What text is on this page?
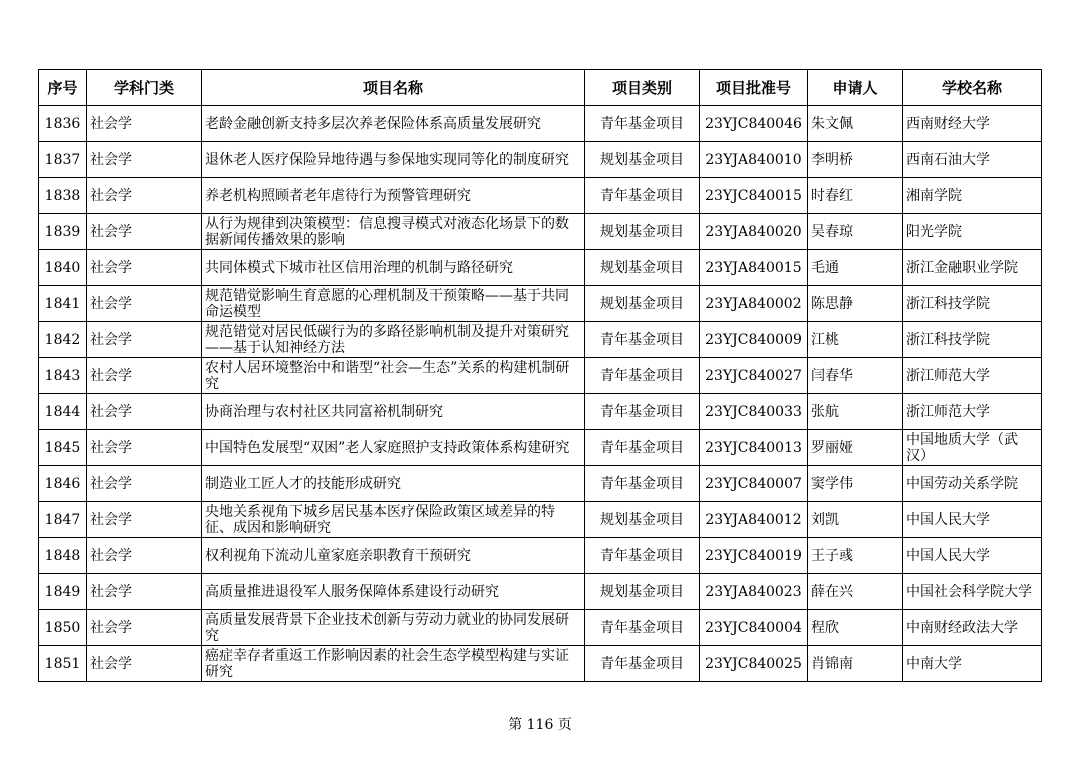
序号	学科门类	项目名称	项目类别	项目批准号	申请人	学校名称
1836	社会学	老龄金融创新支持多层次养老保险体系高质量发展研究	青年基金项目	23YJC840046	朱文佩	西南财经大学
1837	社会学	退休老人医疗保险异地待遇与参保地实现同等化的制度研究	规划基金项目	23YJA840010	李明桥	西南石油大学
1838	社会学	养老机构照顾者老年虐待行为预警管理研究	青年基金项目	23YJC840015	时春红	湘南学院
1839	社会学	从行为规律到决策模型：信息搜寻模式对液态化场景下的数据新闻传播效果的影响	规划基金项目	23YJA840020	吴春琼	阳光学院
1840	社会学	共同体模式下城市社区信用治理的机制与路径研究	规划基金项目	23YJA840015	毛通	浙江金融职业学院
1841	社会学	规范错觉影响生育意愿的心理机制及干预策略——基于共同命运模型	规划基金项目	23YJA840002	陈思静	浙江科技学院
1842	社会学	规范错觉对居民低碳行为的多路径影响机制及提升对策研究——基于认知神经方法	青年基金项目	23YJC840009	江桃	浙江科技学院
1843	社会学	农村人居环境整治中和谐型“社会—生态”关系的构建机制研究	青年基金项目	23YJC840027	闫春华	浙江师范大学
1844	社会学	协商治理与农村社区共同富裕机制研究	青年基金项目	23YJC840033	张航	浙江师范大学
1845	社会学	中国特色发展型“双困”老人家庭照护支持政策体系构建研究	青年基金项目	23YJC840013	罗丽娅	中国地质大学（武汉）
1846	社会学	制造业工匠人才的技能形成研究	青年基金项目	23YJC840007	窦学伟	中国劳动关系学院
1847	社会学	央地关系视角下城乡居民基本医疗保险政策区域差异的特征、成因和影响研究	规划基金项目	23YJA840012	刘凯	中国人民大学
1848	社会学	权利视角下流动儿童家庭亲职教育干预研究	青年基金项目	23YJC840019	王子彧	中国人民大学
1849	社会学	高质量推进退役军人服务保障体系建设行动研究	规划基金项目	23YJA840023	薛在兴	中国社会科学院大学
1850	社会学	高质量发展背景下企业技术创新与劳动力就业的协同发展研究	青年基金项目	23YJC840004	程欣	中南财经政法大学
1851	社会学	癌症幸存者重返工作影响因素的社会生态学模型构建与实证研究	青年基金项目	23YJC840025	肖锦南	中南大学
第 116 页
